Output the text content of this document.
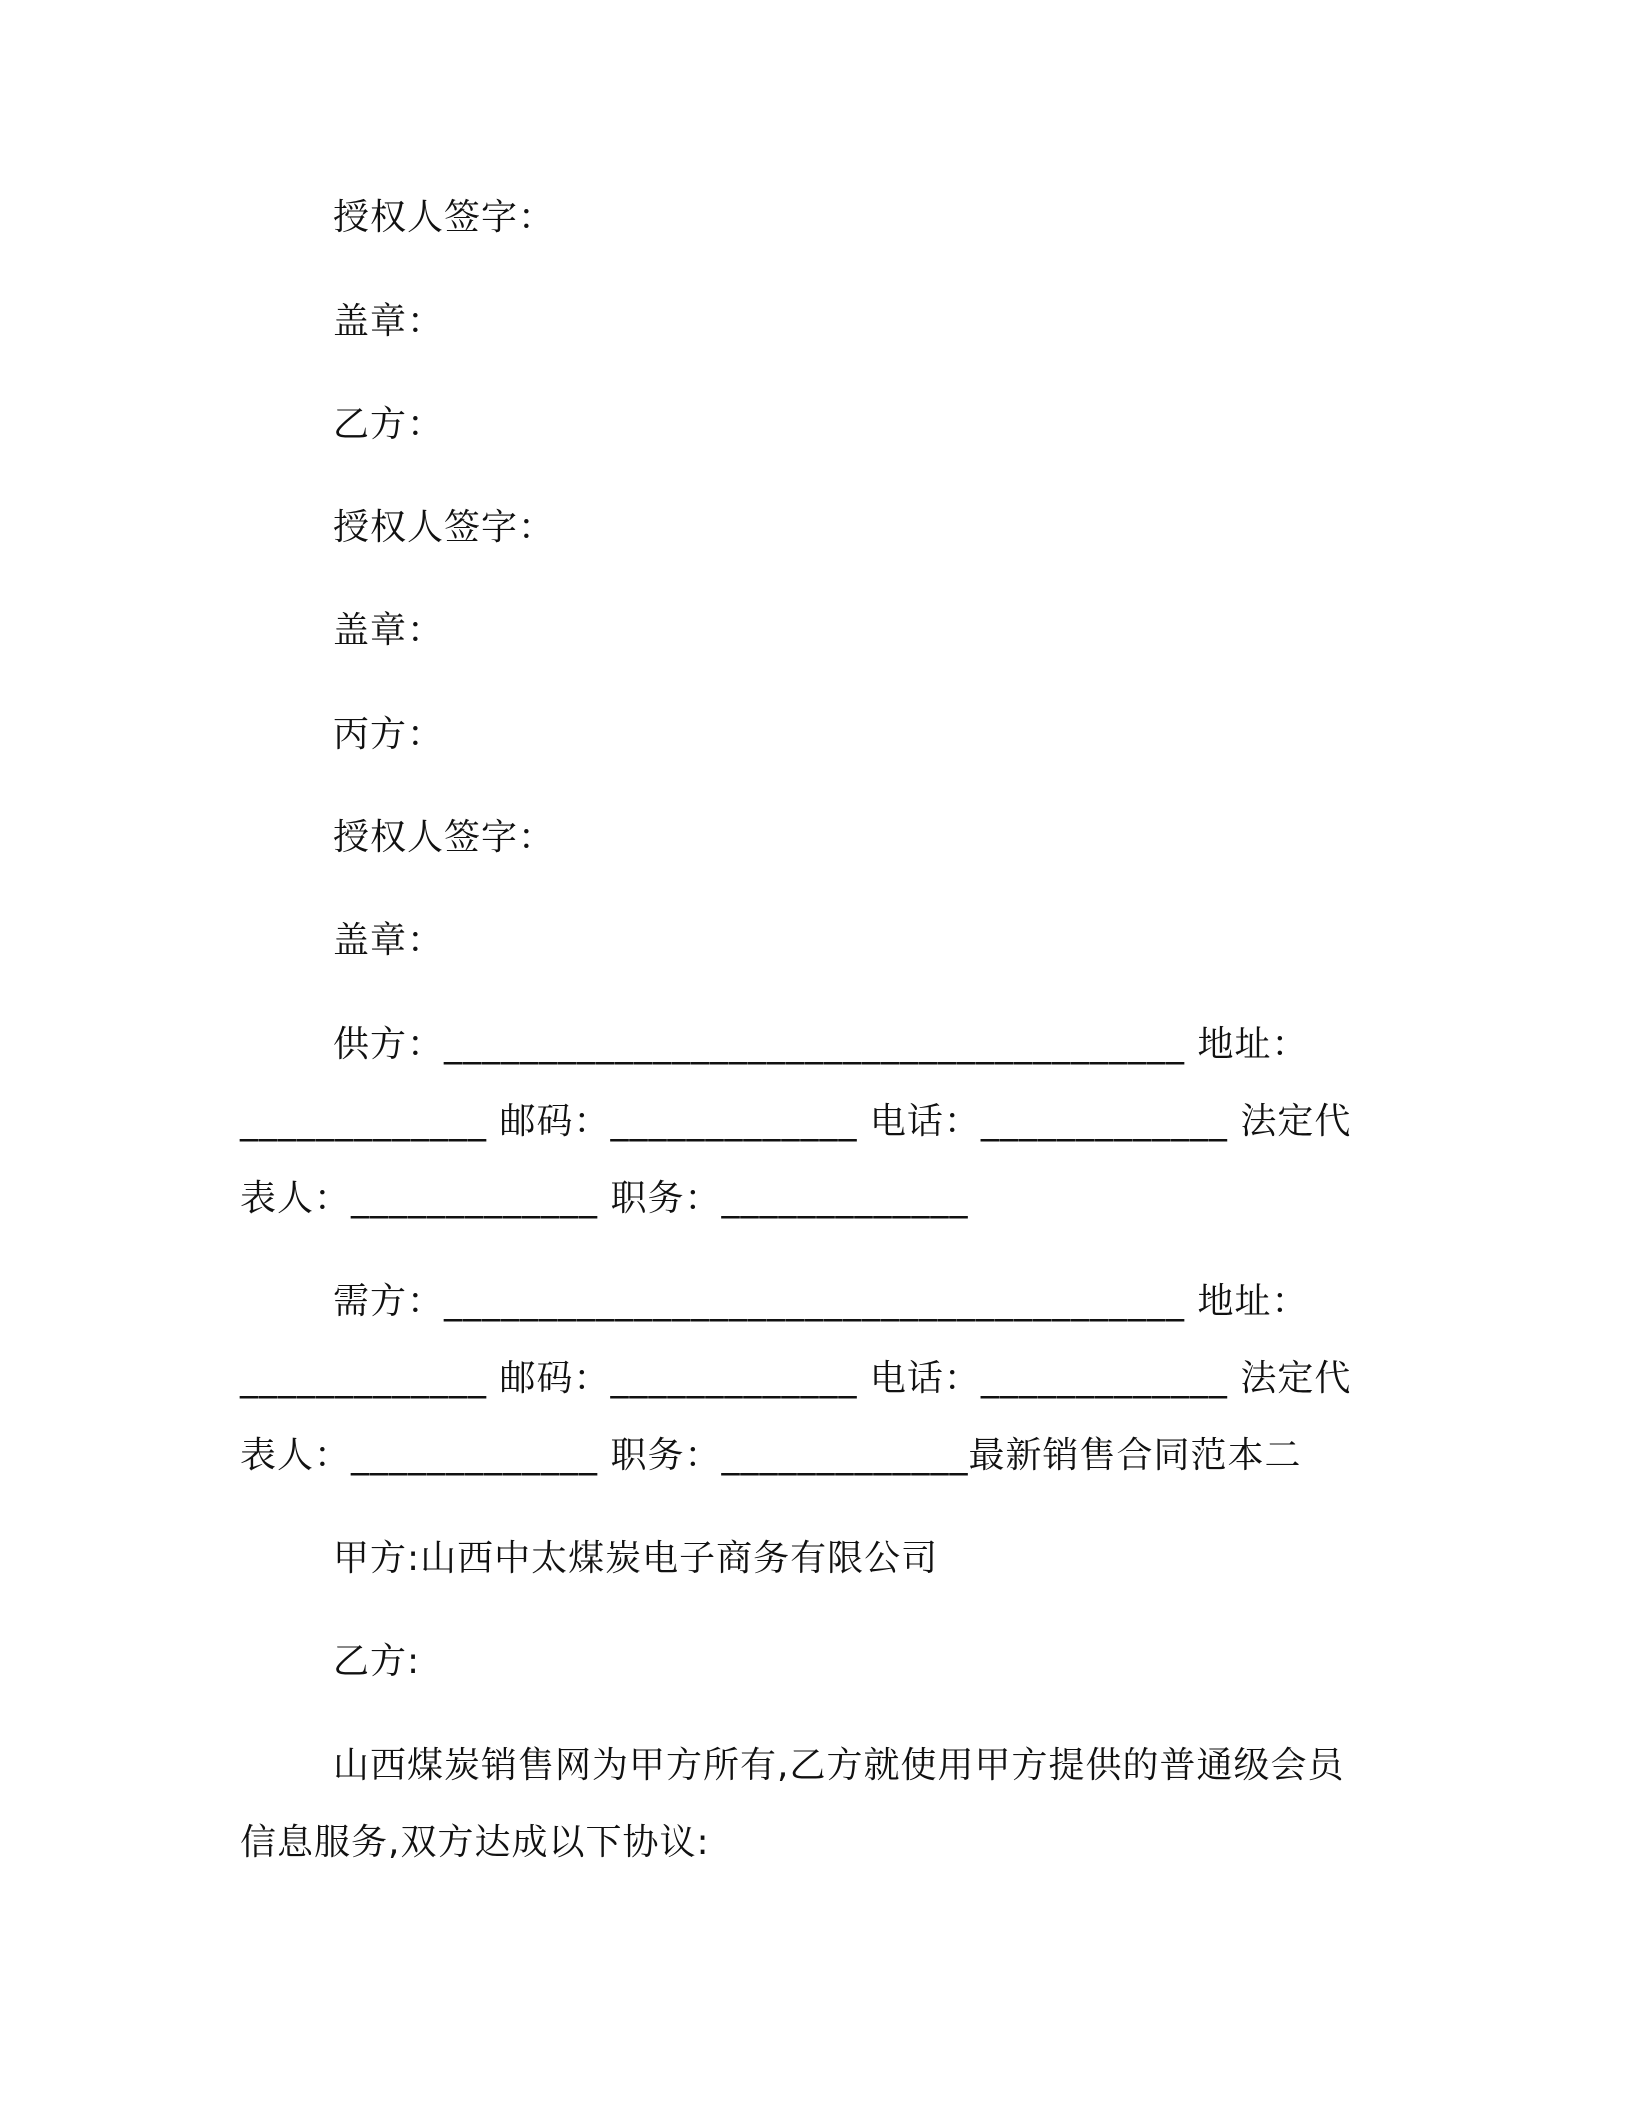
授权人签字：
盖章：
乙方：
授权人签字：
盖章：
丙方：
授权人签字：
盖章：
供方：_______________________________________ 地址：
_____________ 邮码：_____________ 电话：_____________ 法定代
表人：_____________ 职务：_____________
需方：_______________________________________ 地址：
_____________ 邮码：_____________ 电话：_____________ 法定代
表人：_____________ 职务：_____________最新销售合同范本二
甲方:山西中太煤炭电子商务有限公司
乙方:
山西煤炭销售网为甲方所有,乙方就使用甲方提供的普通级会员
信息服务,双方达成以下协议:
